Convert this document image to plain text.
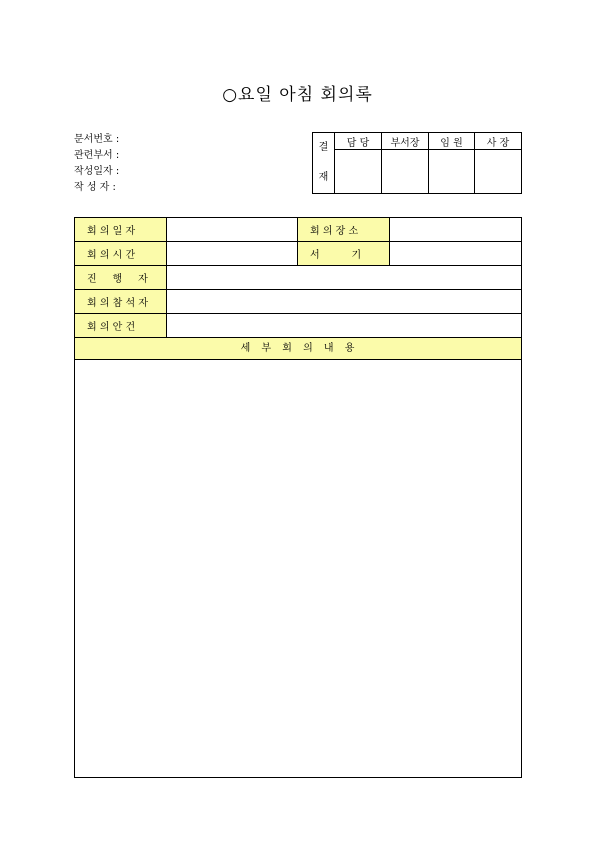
○요일 아침 회의록
문서번호 :
관련부서 :
작성일자 :
작 성 자 :
결
재	담 당	부서장	임 원	사 장

회 의 일 자	회 의 장 소
회 의 시 간	서          기
진     행     자
회 의 참 석 자
회 의 안 건
세 부 회 의 내 용
